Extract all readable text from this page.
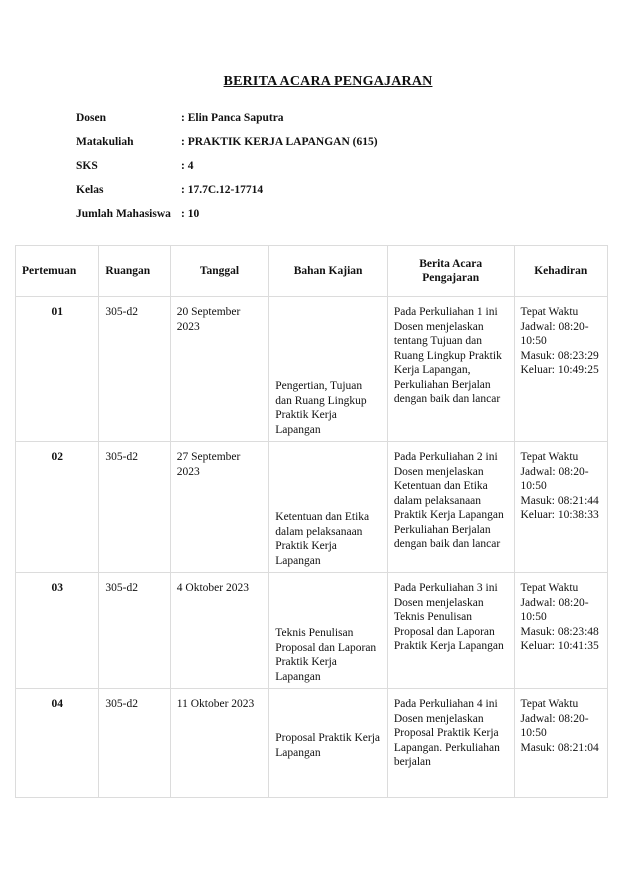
BERITA ACARA PENGAJARAN
Dosen	: Elin Panca Saputra
Matakuliah	: PRAKTIK KERJA LAPANGAN (615)
SKS	: 4
Kelas	: 17.7C.12-17714
Jumlah Mahasiswa : 10
Pertemuan	Ruangan	Tanggal	Bahan Kajian	Berita Acara Pengajaran	Kehadiran
01	305-d2	20 September 2023	Pengertian, Tujuan dan Ruang Lingkup Praktik Kerja Lapangan	Pada Perkuliahan 1 ini Dosen menjelaskan tentang Tujuan dan Ruang Lingkup Praktik Kerja Lapangan, Perkuliahan Berjalan dengan baik dan lancar	Tepat Waktu
Jadwal: 08:20-10:50
Masuk: 08:23:29
Keluar: 10:49:25

02	305-d2	27 September 2023	Ketentuan dan Etika dalam pelaksanaan Praktik Kerja Lapangan	Pada Perkuliahan 2 ini Dosen menjelaskan Ketentuan dan Etika dalam pelaksanaan Praktik Kerja Lapangan Perkuliahan Berjalan dengan baik dan lancar	Tepat Waktu
Jadwal: 08:20-10:50
Masuk: 08:21:44
Keluar: 10:38:33

03	305-d2	4 Oktober 2023	Teknis Penulisan Proposal dan Laporan Praktik Kerja Lapangan	Pada Perkuliahan 3 ini Dosen menjelaskan Teknis Penulisan Proposal dan Laporan Praktik Kerja Lapangan	Tepat Waktu
Jadwal: 08:20-10:50
Masuk: 08:23:48
Keluar: 10:41:35

04	305-d2	11 Oktober 2023	Proposal Praktik Kerja Lapangan	Pada Perkuliahan 4 ini Dosen menjelaskan Proposal Praktik Kerja Lapangan. Perkuliahan berjalan	Tepat Waktu
Jadwal: 08:20-10:50
Masuk: 08:21:04
